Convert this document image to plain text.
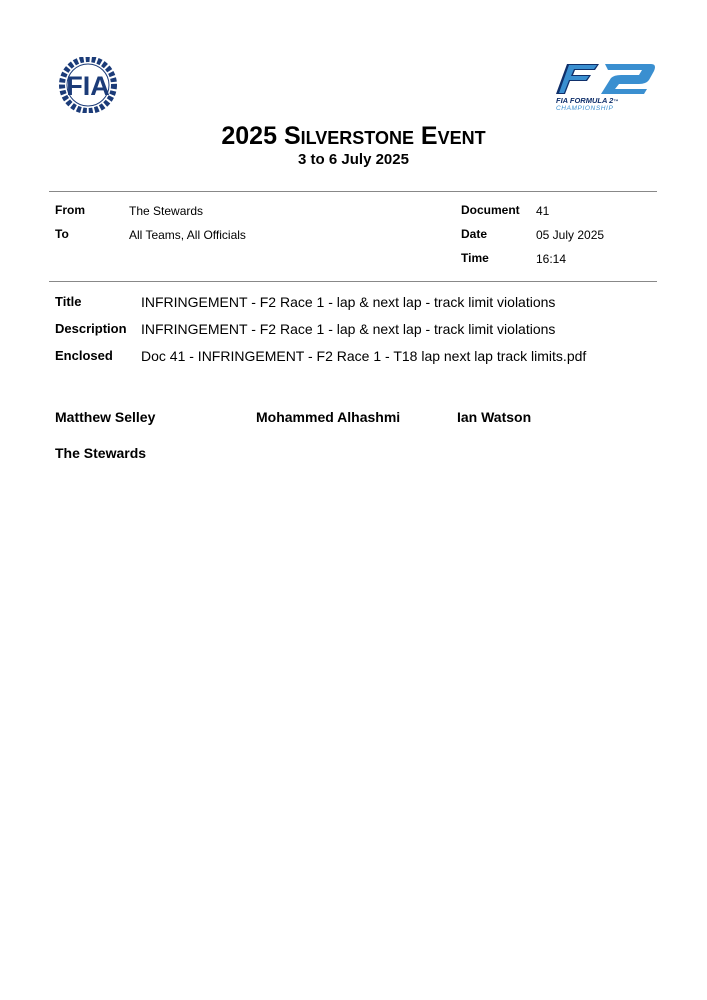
FIA
F2
FIA FORMULA 2™
CHAMPIONSHIP
2025 Silverstone Event
3 to 6 July 2025
From	The Stewards
To	All Teams, All Officials
Document 41
Date	05 July 2025
Time	16:14
Title	INFRINGEMENT - F2 Race 1 - lap & next lap - track limit violations
Description INFRINGEMENT - F2 Race 1 - lap & next lap - track limit violations
Enclosed Doc 41 - INFRINGEMENT - F2 Race 1 - T18 lap next lap track limits.pdf
Matthew Selley	Mohammed Alhashmi	Ian Watson
The Stewards
